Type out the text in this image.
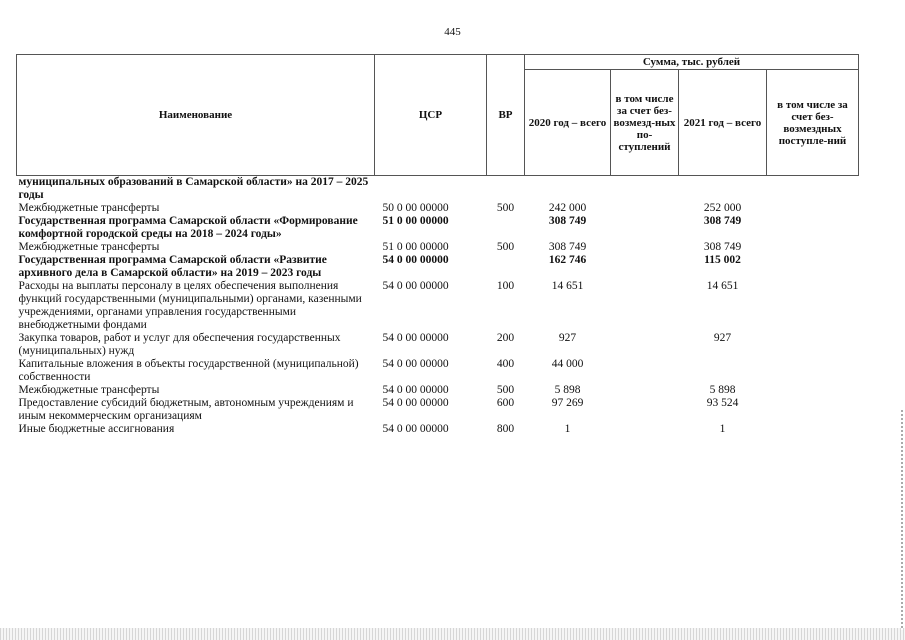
445
Наименование	ЦСР	ВР	Сумма, тыс. рублей			
			2020 год – всего	в том числе за счет без-возмезд-ных по-ступлений	2021 год – всего	в том числе за счет без-возмездных поступле-ний
муниципальных образований в Самарской области» на 2017 – 2025 годы						
Межбюджетные трансферты	50 0 00 00000	500	242 000		252 000	
Государственная программа Самарской области «Формирование комфортной городской среды на 2018 – 2024 годы»	51 0 00 00000		308 749		308 749	
Межбюджетные трансферты	51 0 00 00000	500	308 749		308 749	
Государственная программа Самарской области «Развитие архивного дела в Самарской области» на 2019 – 2023 годы	54 0 00 00000		162 746		115 002	
Расходы на выплаты персоналу в целях обеспечения выполнения функций государственными (муниципальными) органами, казенными учреждениями, органами управления государственными внебюджетными фондами	54 0 00 00000	100	14 651		14 651	
Закупка товаров, работ и услуг для обеспечения государственных (муниципальных) нужд	54 0 00 00000	200	927		927	
Капитальные вложения в объекты государственной (муниципальной) собственности	54 0 00 00000	400	44 000			
Межбюджетные трансферты	54 0 00 00000	500	5 898		5 898	
Предоставление субсидий бюджетным, автономным учреждениям и иным некоммерческим организациям	54 0 00 00000	600	97 269		93 524	
Иные бюджетные ассигнования	54 0 00 00000	800	1		1	
